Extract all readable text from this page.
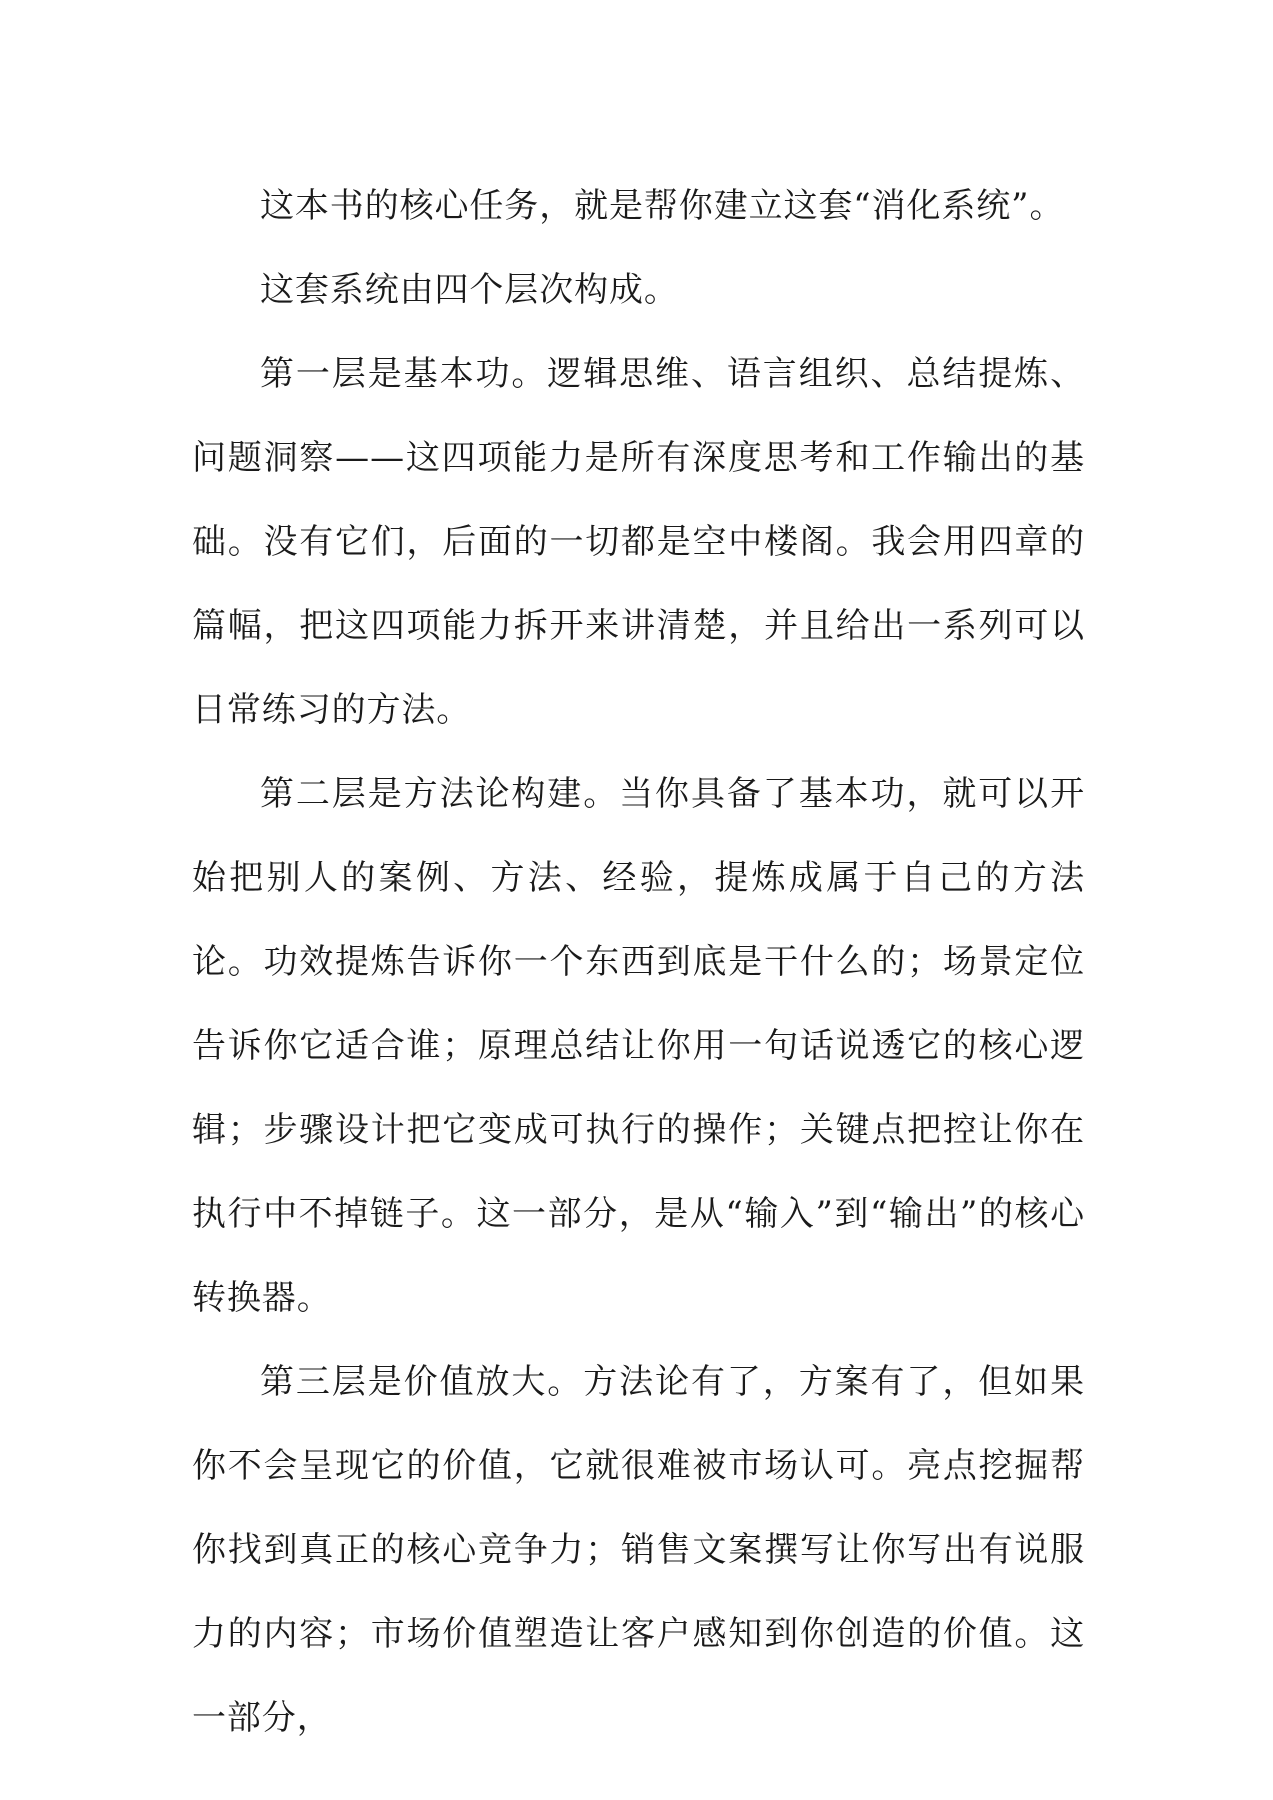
这本书的核心任务，就是帮你建立这套“消化系统”。

这套系统由四个层次构成。

第一层是基本功。逻辑思维、语言组织、总结提炼、问题洞察——这四项能力是所有深度思考和工作输出的基础。没有它们，后面的一切都是空中楼阁。我会用四章的篇幅，把这四项能力拆开来讲清楚，并且给出一系列可以日常练习的方法。

第二层是方法论构建。当你具备了基本功，就可以开始把别人的案例、方法、经验，提炼成属于自己的方法论。功效提炼告诉你一个东西到底是干什么的；场景定位告诉你它适合谁；原理总结让你用一句话说透它的核心逻辑；步骤设计把它变成可执行的操作；关键点把控让你在执行中不掉链子。这一部分，是从“输入”到“输出”的核心转换器。

第三层是价值放大。方法论有了，方案有了，但如果你不会呈现它的价值，它就很难被市场认可。亮点挖掘帮你找到真正的核心竞争力；销售文案撰写让你写出有说服力的内容；市场价值塑造让客户感知到你创造的价值。这一部分，
